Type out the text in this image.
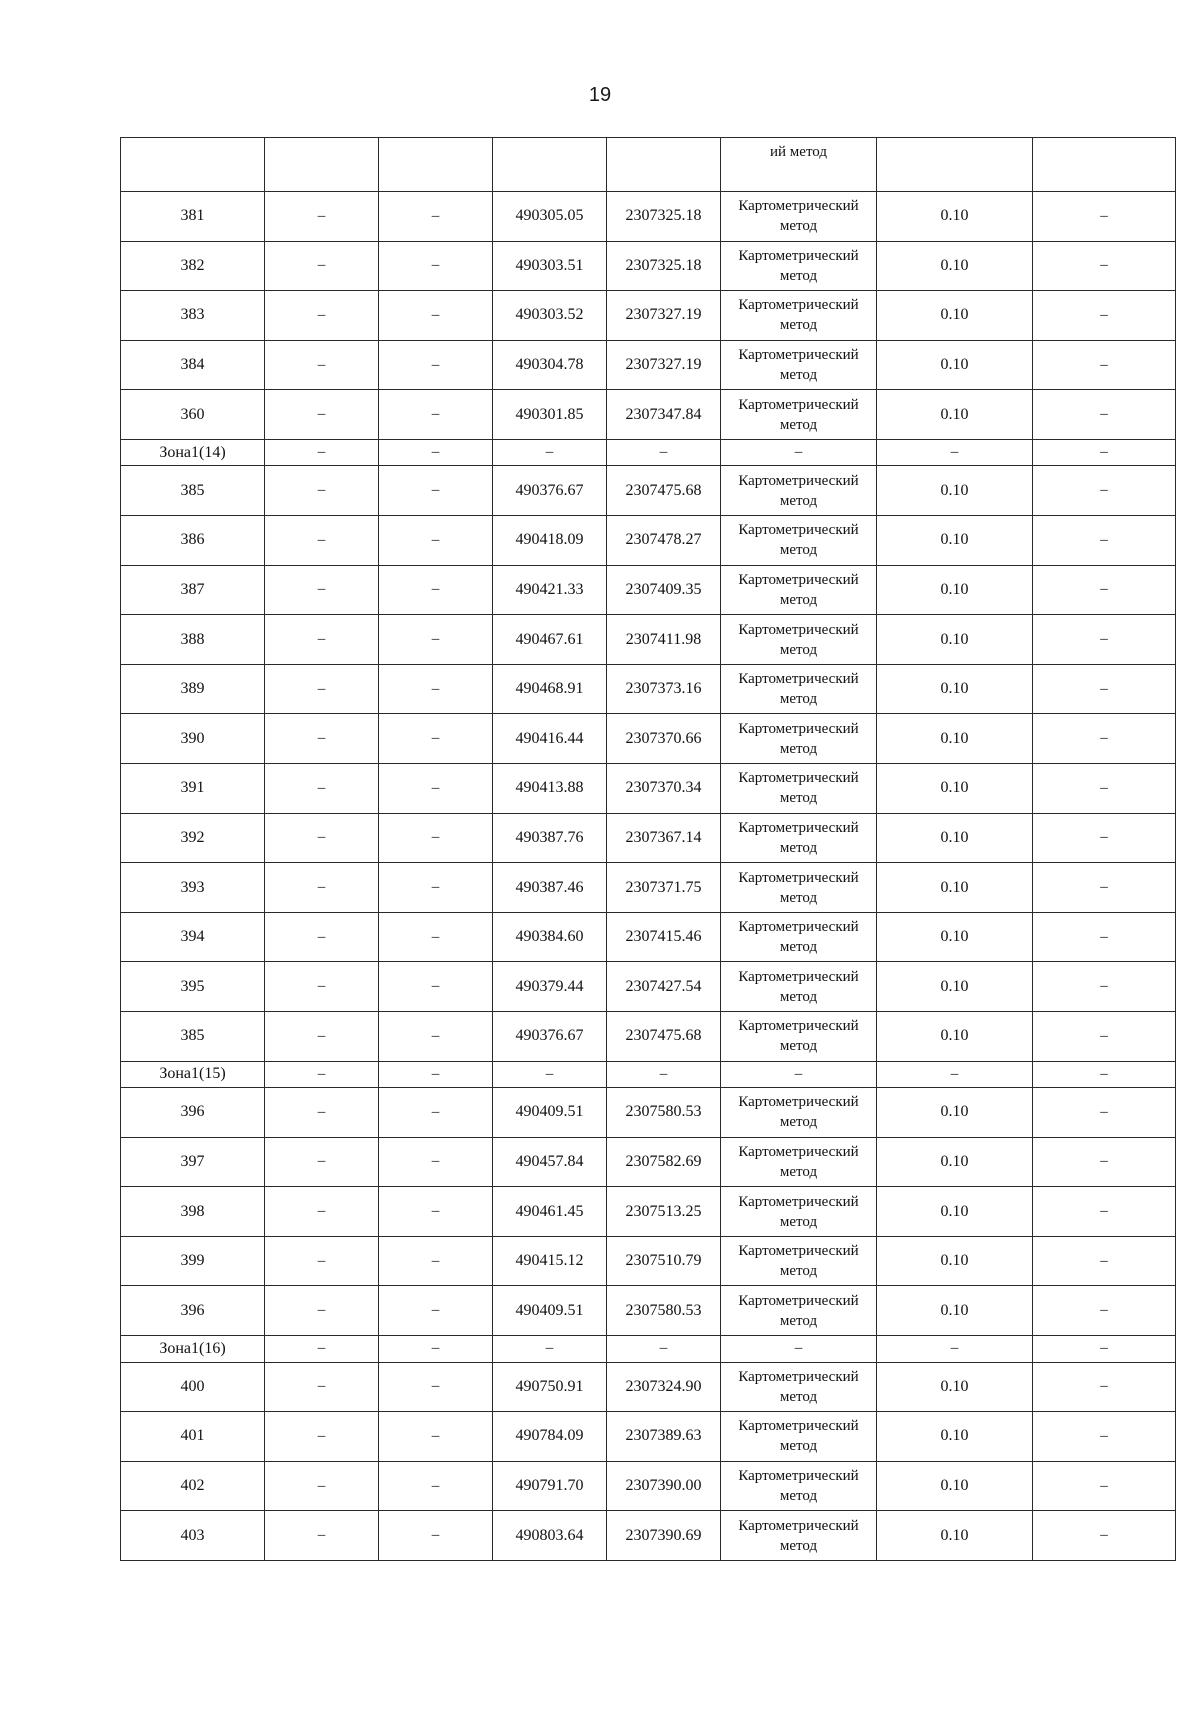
19
					ий метод		
381	–	–	490305.05	2307325.18	Картометрический метод	0.10	–
382	–	–	490303.51	2307325.18	Картометрический метод	0.10	–
383	–	–	490303.52	2307327.19	Картометрический метод	0.10	–
384	–	–	490304.78	2307327.19	Картометрический метод	0.10	–
360	–	–	490301.85	2307347.84	Картометрический метод	0.10	–
Зона1(14)	–	–	–	–	–	–	–
385	–	–	490376.67	2307475.68	Картометрический метод	0.10	–
386	–	–	490418.09	2307478.27	Картометрический метод	0.10	–
387	–	–	490421.33	2307409.35	Картометрический метод	0.10	–
388	–	–	490467.61	2307411.98	Картометрический метод	0.10	–
389	–	–	490468.91	2307373.16	Картометрический метод	0.10	–
390	–	–	490416.44	2307370.66	Картометрический метод	0.10	–
391	–	–	490413.88	2307370.34	Картометрический метод	0.10	–
392	–	–	490387.76	2307367.14	Картометрический метод	0.10	–
393	–	–	490387.46	2307371.75	Картометрический метод	0.10	–
394	–	–	490384.60	2307415.46	Картометрический метод	0.10	–
395	–	–	490379.44	2307427.54	Картометрический метод	0.10	–
385	–	–	490376.67	2307475.68	Картометрический метод	0.10	–
Зона1(15)	–	–	–	–	–	–	–
396	–	–	490409.51	2307580.53	Картометрический метод	0.10	–
397	–	–	490457.84	2307582.69	Картометрический метод	0.10	–
398	–	–	490461.45	2307513.25	Картометрический метод	0.10	–
399	–	–	490415.12	2307510.79	Картометрический метод	0.10	–
396	–	–	490409.51	2307580.53	Картометрический метод	0.10	–
Зона1(16)	–	–	–	–	–	–	–
400	–	–	490750.91	2307324.90	Картометрический метод	0.10	–
401	–	–	490784.09	2307389.63	Картометрический метод	0.10	–
402	–	–	490791.70	2307390.00	Картометрический метод	0.10	–
403	–	–	490803.64	2307390.69	Картометрический метод	0.10	–
